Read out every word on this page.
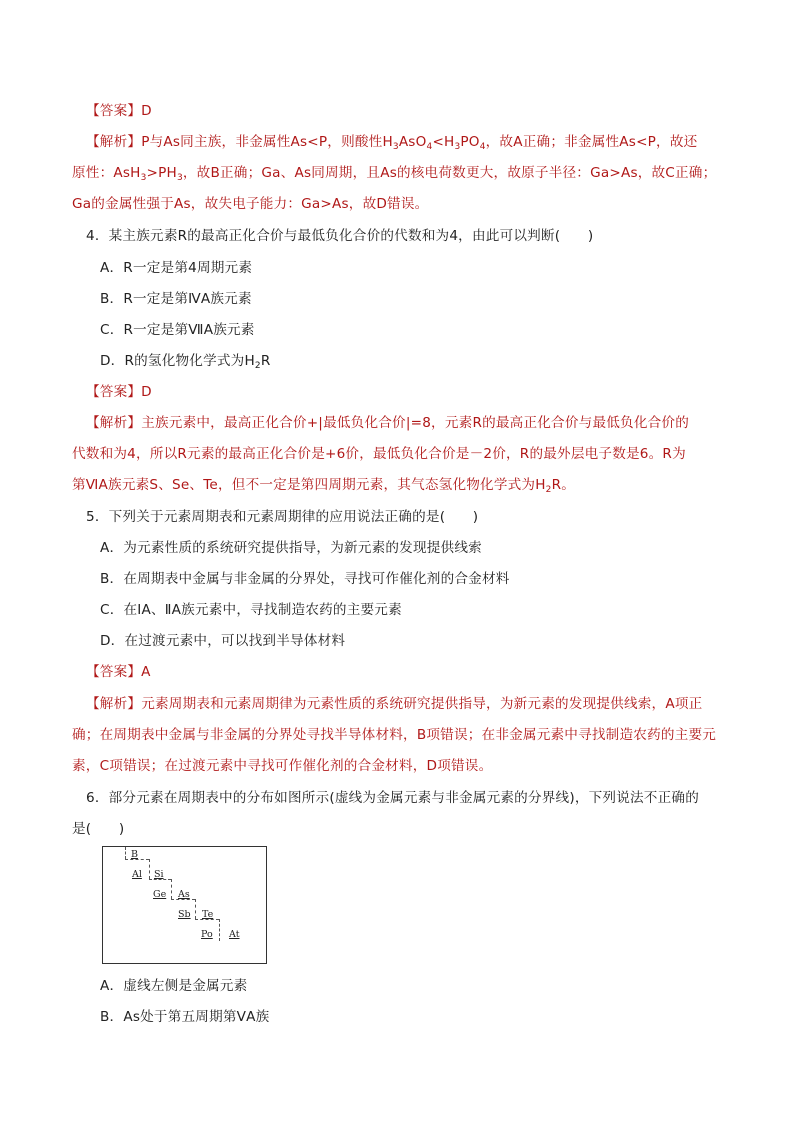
【答案】D
【解析】P与As同主族，非金属性As<P，则酸性$H_3AsO_4<H_3PO_4$，故A正确；非金属性As<P，故还
原性：$AsH_3>PH_3$，故B正确；Ga、As同周期，且As的核电荷数更大，故原子半径：Ga>As，故C正确；
Ga的金属性强于As，故失电子能力：Ga>As，故D错误。
4．某主族元素R的最高正化合价与最低负化合价的代数和为4，由此可以判断(　　)
A．R一定是第4周期元素
B．R一定是第ⅣA族元素
C．R一定是第ⅦA族元素
D．R的氢化物化学式为$H_2R$
【答案】D
【解析】主族元素中，最高正化合价+|最低负化合价|=8，元素R的最高正化合价与最低负化合价的
代数和为4，所以R元素的最高正化合价是+6价，最低负化合价是－2价，R的最外层电子数是6。R为
第ⅥA族元素S、Se、Te，但不一定是第四周期元素，其气态氢化物化学式为$H_2R$。
5．下列关于元素周期表和元素周期律的应用说法正确的是(　　)
A．为元素性质的系统研究提供指导，为新元素的发现提供线索
B．在周期表中金属与非金属的分界处，寻找可作催化剂的合金材料
C．在ⅠA、ⅡA族元素中，寻找制造农药的主要元素
D．在过渡元素中，可以找到半导体材料
【答案】A
【解析】元素周期表和元素周期律为元素性质的系统研究提供指导，为新元素的发现提供线索，A项正
确；在周期表中金属与非金属的分界处寻找半导体材料，B项错误；在非金属元素中寻找制造农药的主要元
素，C项错误；在过渡元素中寻找可作催化剂的合金材料，D项错误。
6．部分元素在周期表中的分布如图所示(虚线为金属元素与非金属元素的分界线)，下列说法不正确的
是(　　)
B
Al Si
Ge As
Sb Te
Po At
A．虚线左侧是金属元素
B．As处于第五周期第ⅤA族
